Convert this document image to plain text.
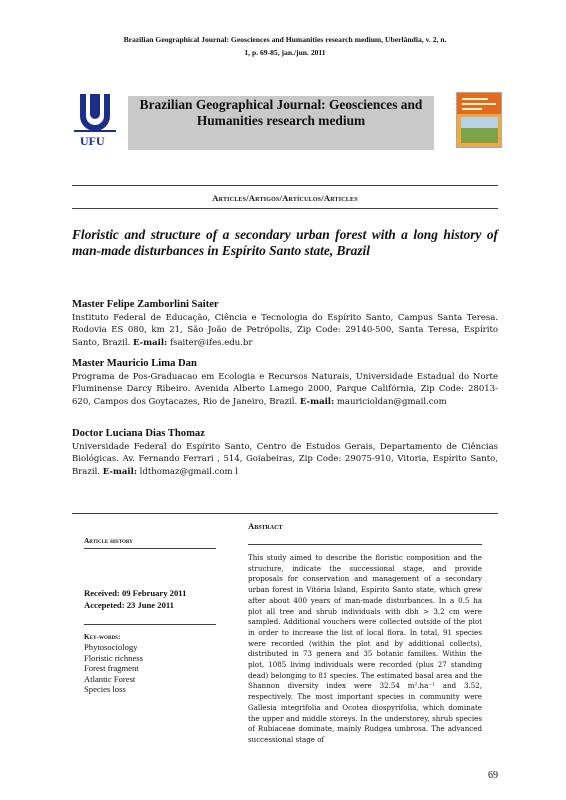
Brazilian Geographical Journal: Geosciences and Humanities research medium, Uberlândia, v. 2, n.
1, p. 69-85, jan./jun. 2011
UFU
Brazilian Geographical Journal: Geosciences and Humanities research medium
Articles/Artigos/Artículos/Articles
Floristic and structure of a secondary urban forest with a long history of man-made disturbances in Espírito Santo state, Brazil
Master Felipe Zamborlini Saiter
Instituto Federal de Educação, Ciência e Tecnologia do Espírito Santo, Campus Santa Teresa. Rodovia ES 080, km 21, São João de Petrópolis, Zip Code: 29140-500, Santa Teresa, Espírito Santo, Brazil. E-mail: fsaiter@ifes.edu.br
Master Mauricio Lima Dan
Programa de Pos-Graduacao em Ecologia e Recursos Naturais, Universidade Estadual do Norte Fluminense Darcy Ribeiro. Avenida Alberto Lamego 2000, Parque Califórnia, Zip Code: 28013-620, Campos dos Goytacazes, Rio de Janeiro, Brazil. E-mail: mauricioldan@gmail.com
Doctor Luciana Dias Thomaz
Universidade Federal do Espírito Santo, Centro de Estudos Gerais, Departamento de Ciências Biológicas. Av. Fernando Ferrari , 514, Goiabeiras, Zip Code: 29075-910, Vitoria, Espírito Santo, Brazil. E-mail: ldthomaz@gmail.com l
Article history
Received: 09 February 2011
Accepeted: 23 June 2011
Key-words:
Phytosociology
Floristic richness
Forest fragment
Atlantic Forest
Species loss
Abstract
This study aimed to describe the floristic composition and the structure, indicate the successional stage, and provide proposals for conservation and management of a secondary urban forest in Vitória Island, Espírito Santo state, which grew after about 400 years of man-made disturbances. In a 0.5 ha plot all tree and shrub individuals with dbh > 3.2 cm were sampled. Additional vouchers were collected outside of the plot in order to increase the list of local flora. In total, 91 species were recorded (within the plot and by additional collects), distributed in 73 genera and 35 botanic families. Within the plot, 1085 living individuals were recorded (plus 27 standing dead) belonging to 81 species. The estimated basal area and the Shannon diversity index were 32.54 m².ha⁻¹ and 3.52, respectively. The most important species in community were Gallesia integrifolia and Ocotea diospyrifolia, which dominate the upper and middle storeys. In the understorey, shrub species of Rubiaceae dominate, mainly Rudgea umbrosa. The advanced successional stage of
69
